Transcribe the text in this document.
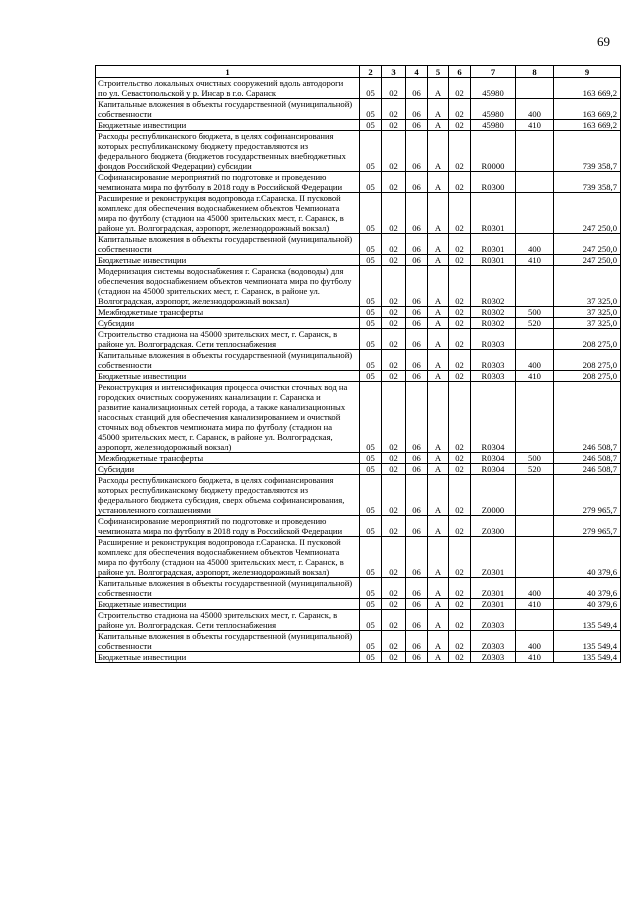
69
1	2	3	4	5	6	7	8	9
Строительство локальных очистных сооружений вдоль автодороги по ул. Севастопольской у р. Инсар в г.о. Саранск	05	02	06	А	02	45980		163 669,2
Капитальные вложения в объекты государственной (муниципальной) собственности	05	02	06	А	02	45980	400	163 669,2
Бюджетные инвестиции	05	02	06	А	02	45980	410	163 669,2
Расходы республиканского бюджета, в целях софинансирования которых республиканскому бюджету предоставляются из федерального бюджета (бюджетов государственных внебюджетных фондов Российской Федерации) субсидии	05	02	06	А	02	R0000		739 358,7
Софинансирование мероприятий по подготовке и проведению чемпионата мира по футболу в 2018 году в Российской Федерации	05	02	06	А	02	R0300		739 358,7
Расширение и реконструкция водопровода г.Саранска. II пусковой комплекс для обеспечения водоснабжением объектов Чемпионата мира по футболу (стадион на 45000 зрительских мест, г. Саранск, в районе ул. Волгоградская, аэропорт, железнодорожный вокзал)	05	02	06	А	02	R0301		247 250,0
Капитальные вложения в объекты государственной (муниципальной) собственности	05	02	06	А	02	R0301	400	247 250,0
Бюджетные инвестиции	05	02	06	А	02	R0301	410	247 250,0
Модернизация системы водоснабжения г. Саранска (водоводы) для обеспечения водоснабжением объектов чемпионата мира по футболу (стадион на 45000 зрительских мест, г. Саранск, в районе ул. Волгоградская, аэропорт, железнодорожный вокзал)	05	02	06	А	02	R0302		37 325,0
Межбюджетные трансферты	05	02	06	А	02	R0302	500	37 325,0
Субсидии	05	02	06	А	02	R0302	520	37 325,0
Строительство стадиона на 45000 зрительских мест, г. Саранск, в районе ул. Волгоградская. Сети теплоснабжения	05	02	06	А	02	R0303		208 275,0
Капитальные вложения в объекты государственной (муниципальной) собственности	05	02	06	А	02	R0303	400	208 275,0
Бюджетные инвестиции	05	02	06	А	02	R0303	410	208 275,0
Реконструкция и интенсификация процесса очистки сточных вод на городских очистных сооружениях канализации г. Саранска и развитие канализационных сетей города, а также канализационных насосных станций для обеспечения канализированием и очисткой сточных вод объектов чемпионата мира по футболу (стадион на 45000 зрительских мест, г. Саранск, в районе ул. Волгоградская, аэропорт, железнодорожный вокзал)	05	02	06	А	02	R0304		246 508,7
Межбюджетные трансферты	05	02	06	А	02	R0304	500	246 508,7
Субсидии	05	02	06	А	02	R0304	520	246 508,7
Расходы республиканского бюджета, в целях софинансирования которых республиканскому бюджету предоставляются из федерального бюджета субсидия, сверх объема софинансирования, установленного соглашениями	05	02	06	А	02	Z0000		279 965,7
Софинансирование мероприятий по подготовке и проведению чемпионата мира по футболу в 2018 году в Российской Федерации	05	02	06	А	02	Z0300		279 965,7
Расширение и реконструкция водопровода г.Саранска. II пусковой комплекс для обеспечения водоснабжением объектов Чемпионата мира по футболу (стадион на 45000 зрительских мест, г. Саранск, в районе ул. Волгоградская, аэропорт, железнодорожный вокзал)	05	02	06	А	02	Z0301		40 379,6
Капитальные вложения в объекты государственной (муниципальной) собственности	05	02	06	А	02	Z0301	400	40 379,6
Бюджетные инвестиции	05	02	06	А	02	Z0301	410	40 379,6
Строительство стадиона на 45000 зрительских мест, г. Саранск, в районе ул. Волгоградская. Сети теплоснабжения	05	02	06	А	02	Z0303		135 549,4
Капитальные вложения в объекты государственной (муниципальной) собственности	05	02	06	А	02	Z0303	400	135 549,4
Бюджетные инвестиции	05	02	06	А	02	Z0303	410	135 549,4
